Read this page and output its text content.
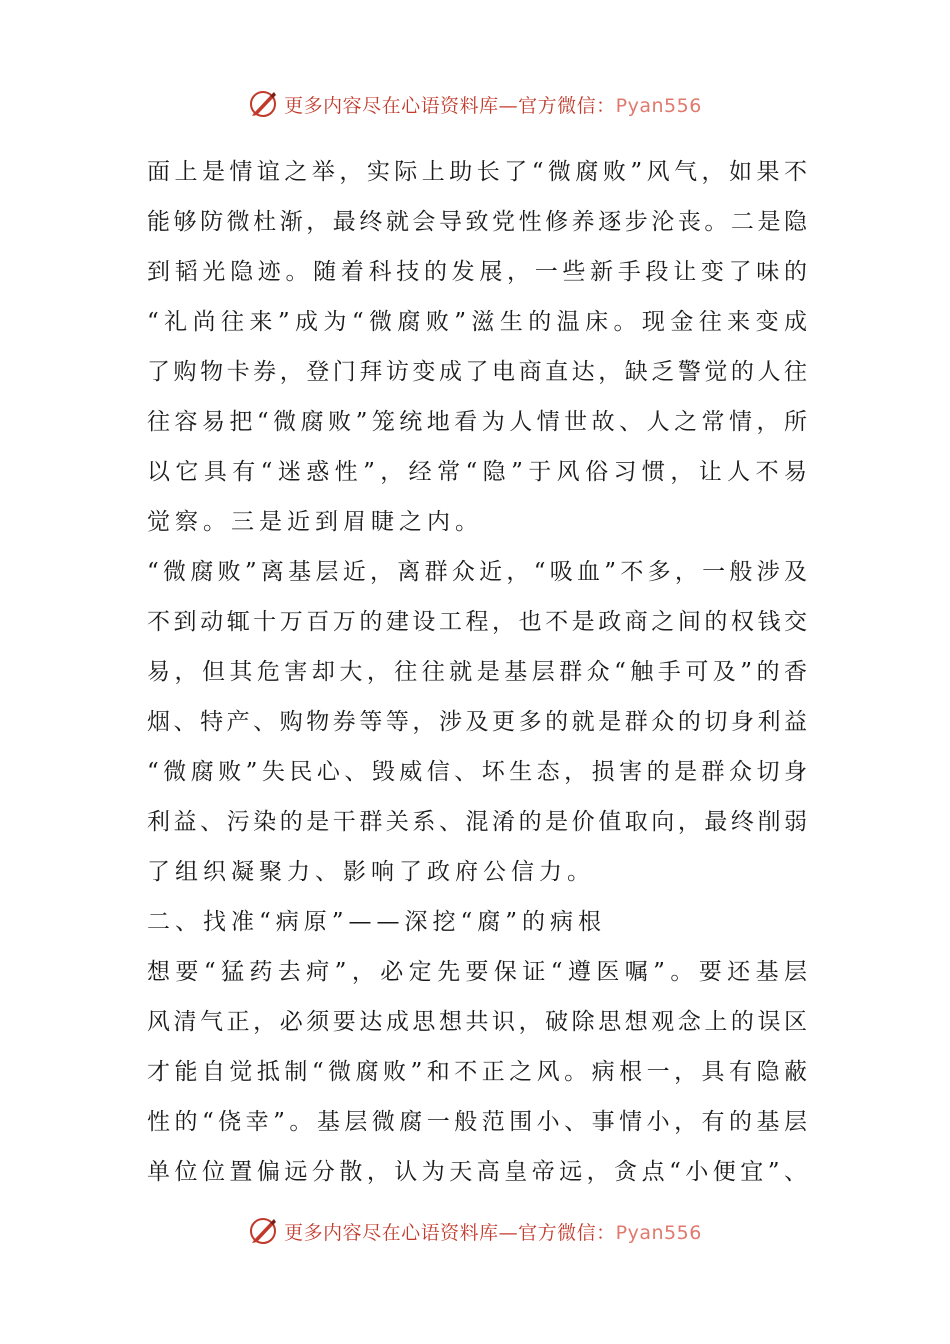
更多内容尽在心语资料库—官方微信：Pyan556
面上是情谊之举，实际上助长了“微腐败”风气，如果不
能够防微杜渐，最终就会导致党性修养逐步沦丧。二是隐
到韬光隐迹。随着科技的发展，一些新手段让变了味的
“礼尚往来”成为“微腐败”滋生的温床。现金往来变成
了购物卡券，登门拜访变成了电商直达，缺乏警觉的人往
往容易把“微腐败”笼统地看为人情世故、人之常情，所
以它具有“迷惑性”，经常“隐”于风俗习惯，让人不易
觉察。三是近到眉睫之内。
“微腐败”离基层近，离群众近，“吸血”不多，一般涉及
不到动辄十万百万的建设工程，也不是政商之间的权钱交
易，但其危害却大，往往就是基层群众“触手可及”的香
烟、特产、购物券等等，涉及更多的就是群众的切身利益
“微腐败”失民心、毁威信、坏生态，损害的是群众切身
利益、污染的是干群关系、混淆的是价值取向，最终削弱
了组织凝聚力、影响了政府公信力。
二、找准“病原”——深挖“腐”的病根
想要“猛药去疴”，必定先要保证“遵医嘱”。要还基层
风清气正，必须要达成思想共识，破除思想观念上的误区
才能自觉抵制“微腐败”和不正之风。病根一，具有隐蔽
性的“侥幸”。基层微腐一般范围小、事情小，有的基层
单位位置偏远分散，认为天高皇帝远，贪点“小便宜”、
更多内容尽在心语资料库—官方微信：Pyan556
